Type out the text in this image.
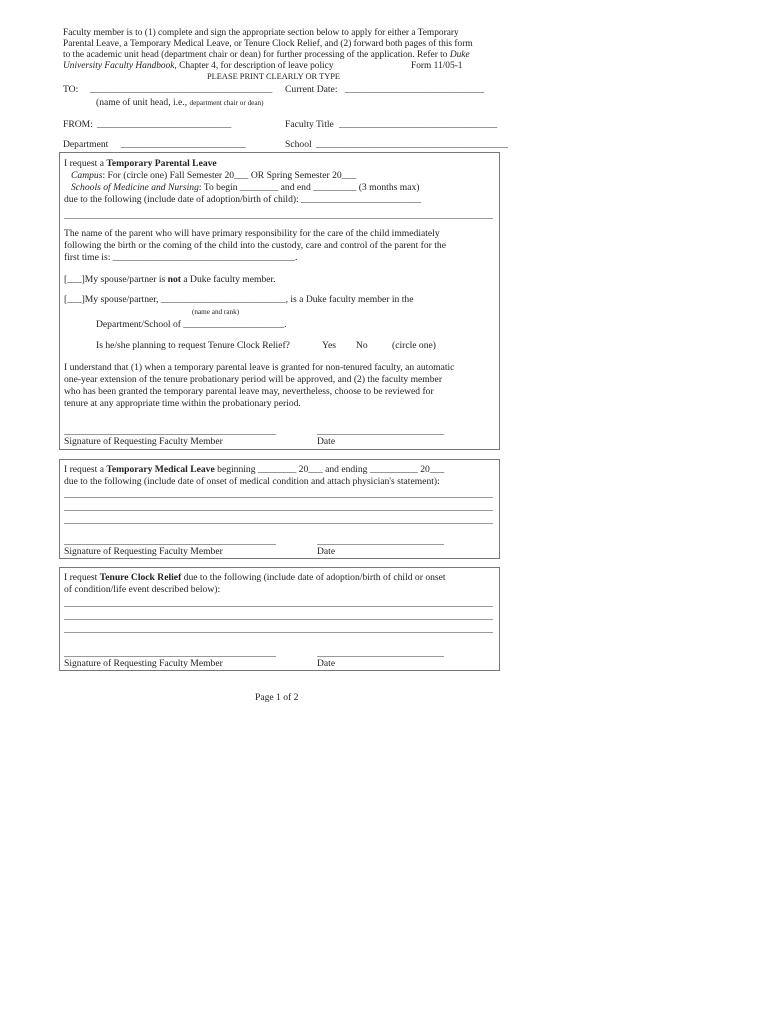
Faculty member is to (1) complete and sign the appropriate section below to apply for either a Temporary
Parental Leave, a Temporary Medical Leave, or Tenure Clock Relief, and (2) forward both pages of this form
to the academic unit head (department chair or dean) for further processing of the application. Refer to Duke
University Faculty Handbook, Chapter 4, for description of leave policy	Form 11/05-1
PLEASE PRINT CLEARLY OR TYPE
TO: ______________________________________ Current Date: _____________________________
(name of unit head, i.e., department chair or dean)
FROM: ____________________________	Faculty Title _________________________________
Department __________________________	School ________________________________________
I request a Temporary Parental Leave
Campus: For (circle one) Fall Semester 20___ OR Spring Semester 20___
Schools of Medicine and Nursing: To begin ________ and end _________ (3 months max)
due to the following (include date of adoption/birth of child): _________________________
The name of the parent who will have primary responsibility for the care of the child immediately
following the birth or the coming of the child into the custody, care and control of the parent for the
first time is: ______________________________________.
[___]My spouse/partner is not a Duke faculty member.
[___]My spouse/partner, __________________________, is a Duke faculty member in the
(name and rank)
Department/School of _____________________.
Is he/she planning to request Tenure Clock Relief?	Yes No	(circle one)
I understand that (1) when a temporary parental leave is granted for non-tenured faculty, an automatic
one-year extension of the tenure probationary period will be approved, and (2) the faculty member
who has been granted the temporary parental leave may, nevertheless, choose to be reviewed for
tenure at any appropriate time within the probationary period.
Signature of Requesting Faculty Member	Date
I request a Temporary Medical Leave beginning ________ 20___ and ending __________ 20___
due to the following (include date of onset of medical condition and attach physician's statement):
Signature of Requesting Faculty Member	Date
I request Tenure Clock Relief due to the following (include date of adoption/birth of child or onset
of condition/life event described below):
Signature of Requesting Faculty Member	Date
Page 1 of 2
